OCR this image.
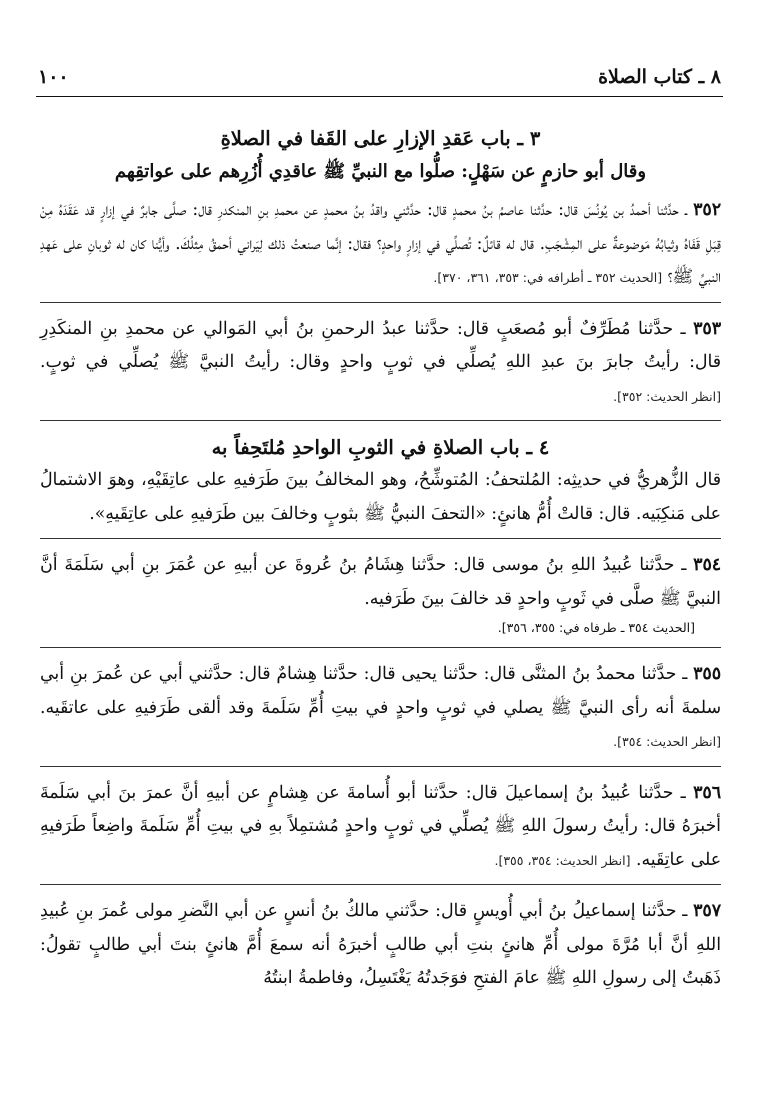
٨ ـ كتاب الصلاة
١٠٠

٣ ـ باب عَقدِ الإزارِ على القَفا في الصلاةِ

وقال أبو حازمٍ عن سَهْلٍ: صلُّوا مع النبيِّ ﷺ عاقدِي أُزُرِهم على عواتقِهم

٣٥٢ ـ حدَّثنا أحمدُ بن يُونُسَ قال: حدَّثنا عاصمُ بنُ محمدٍ قال: حدَّثني واقدُ بنُ محمدٍ عن محمدِ بنِ المنكدرِ قال: صلَّى جابرٌ في إزارٍ قد عَقَدَهُ مِنْ قِبَلِ قَفَاهُ وثيابُهُ مَوضوعةٌ على المِشْجَبِ. قال له قائلٌ: تُصلِّي في إزارٍ واحدٍ؟ فقال: إنَّما صنعتُ ذلك لِيَراني أحمقُ مِثلُكَ. وأيُّنا كان له ثوبانِ على عَهدِ النبيِّ ﷺ؟ [الحديث ٣٥٢ ـ أطرافه في: ٣٥٣، ٣٦١، ٣٧٠].

٣٥٣ ـ حدَّثنا مُطَرِّفٌ أبو مُصعَبٍ قال: حدَّثنا عبدُ الرحمنِ بنُ أبي المَوالي عن محمدِ بنِ المنكَدِرِ قال: رأيتُ جابرَ بنَ عبدِ اللهِ يُصلِّي في ثوبٍ واحدٍ وقال: رأيتُ النبيَّ ﷺ يُصلِّي في ثوبٍ. [انظر الحديث: ٣٥٢].

٤ ـ باب الصلاةِ في الثوبِ الواحدِ مُلتَحِفاً به

قال الزُّهريُّ في حديثِه: المُلتحفُ: المُتوشِّحُ، وهو المخالفُ بينَ طَرَفيهِ على عاتِقَيْهِ، وهوَ الاشتمالُ على مَنكِبَيه. قال: قالتْ أُمُّ هانئٍ: «التحفَ النبيُّ ﷺ بثوبٍ وخالفَ بين طَرَفيهِ على عاتِقَيهِ».

٣٥٤ ـ حدَّثنا عُبيدُ اللهِ بنُ موسى قال: حدَّثنا هِشَامُ بنُ عُروةَ عن أبيهِ عن عُمَرَ بنِ أبي سَلَمَةَ أنَّ النبيَّ ﷺ صلَّى في ثَوبٍ واحدٍ قد خالفَ بينَ طَرَفيه.

[الحديث ٣٥٤ ـ طرفاه في: ٣٥٥، ٣٥٦].

٣٥٥ ـ حدَّثنا محمدُ بنُ المثنَّى قال: حدَّثنا يحيى قال: حدَّثنا هِشامٌ قال: حدَّثني أبي عن عُمرَ بنِ أبي سلمةَ أنه رأى النبيَّ ﷺ يصلي في ثوبٍ واحدٍ في بيتِ أُمِّ سَلَمةَ وقد ألقى طَرَفيهِ على عاتقَيه. [انظر الحديث: ٣٥٤].

٣٥٦ ـ حدَّثنا عُبيدُ بنُ إسماعيلَ قال: حدَّثنا أبو أُسامةَ عن هِشامٍ عن أبيهِ أنَّ عمرَ بنَ أبي سَلَمةَ أخبرَهُ قال: رأيتُ رسولَ اللهِ ﷺ يُصلِّي في ثوبٍ واحدٍ مُشتمِلاً بهِ في بيتِ أُمِّ سَلَمةَ واضِعاً طَرَفيهِ على عاتِقَيه. [انظر الحديث: ٣٥٤، ٣٥٥].

٣٥٧ ـ حدَّثنا إسماعيلُ بنُ أبي أُويسٍ قال: حدَّثني مالكُ بنُ أنسٍ عن أبي النَّضرِ مولى عُمرَ بنِ عُبيدِ اللهِ أنَّ أبا مُرَّةَ مولى أُمِّ هانئٍ بنتِ أبي طالبٍ أخبرَهُ أنه سمعَ أُمَّ هانئٍ بنتَ أبي طالبٍ تقولُ: ذَهَبتُ إلى رسولِ اللهِ ﷺ عامَ الفتحِ فوَجَدتُهُ يَغْتَسِلُ، وفاطمةُ ابنتُهُ
